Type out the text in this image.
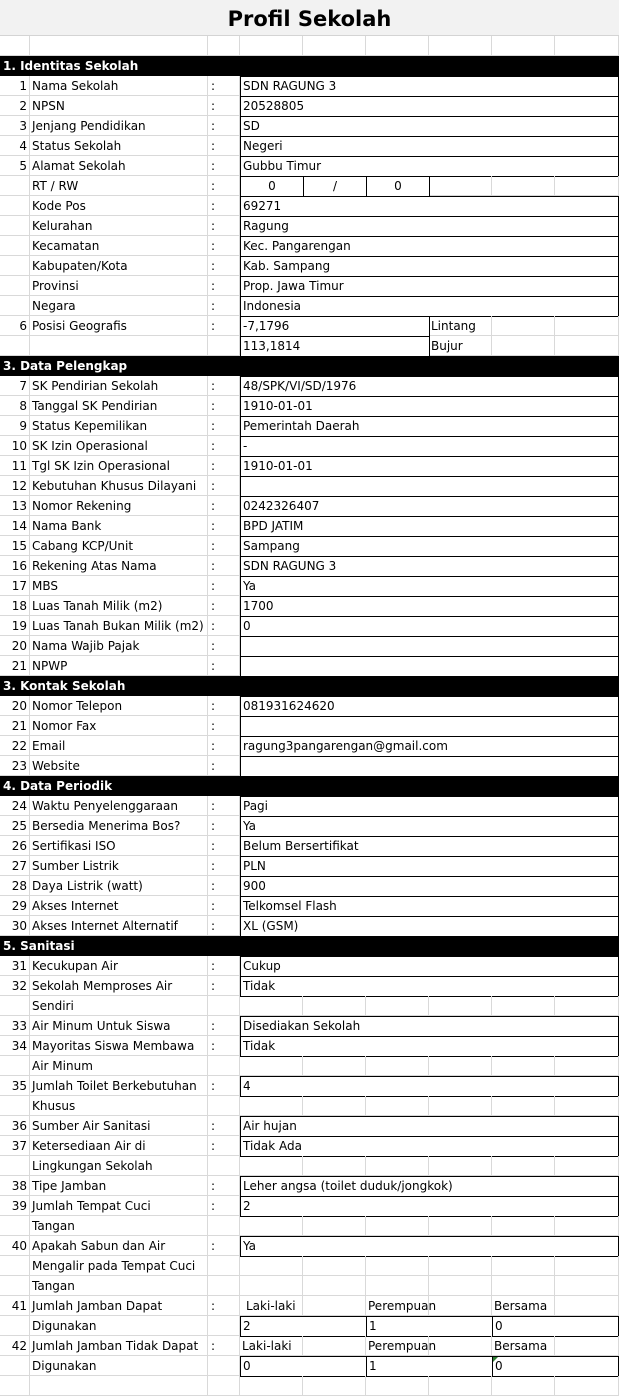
Profil Sekolah
1. Identitas Sekolah
1 Nama Sekolah	:	SDN RAGUNG 3
2 NPSN	:	20528805
3 Jenjang Pendidikan	:	SD
4 Status Sekolah	:	Negeri
5 Alamat Sekolah	:	Gubbu Timur
RT / RW	:	0	/	0
Kode Pos	:	69271
Kelurahan	:	Ragung
Kecamatan	:	Kec. Pangarengan
Kabupaten/Kota	:	Kab. Sampang
Provinsi	:	Prop. Jawa Timur
Negara	:	Indonesia
6 Posisi Geografis	:	-7,1796	Lintang
113,1814	Bujur
3. Data Pelengkap
7 SK Pendirian Sekolah	:	48/SPK/VI/SD/1976
8 Tanggal SK Pendirian	:	1910-01-01
9 Status Kepemilikan	:	Pemerintah Daerah
10 SK Izin Operasional	:	-
11 Tgl SK Izin Operasional	:	1910-01-01
12 Kebutuhan Khusus Dilayani	:
13 Nomor Rekening	:	0242326407
14 Nama Bank	:	BPD JATIM
15 Cabang KCP/Unit	:	Sampang
16 Rekening Atas Nama	:	SDN RAGUNG 3
17 MBS	:	Ya
18 Luas Tanah Milik (m2)	:	1700
19 Luas Tanah Bukan Milik (m2) :	0
20 Nama Wajib Pajak	:
21 NPWP	:
3. Kontak Sekolah
20 Nomor Telepon	:	081931624620
21 Nomor Fax	:
22 Email	:	ragung3pangarengan@gmail.com
23 Website	:
4. Data Periodik
24 Waktu Penyelenggaraan	:	Pagi
25 Bersedia Menerima Bos?	:	Ya
26 Sertifikasi ISO	:	Belum Bersertifikat
27 Sumber Listrik	:	PLN
28 Daya Listrik (watt)	:	900
29 Akses Internet	:	Telkomsel Flash
30 Akses Internet Alternatif	:	XL (GSM)
5. Sanitasi
31 Kecukupan Air	:	Cukup
32 Sekolah Memproses Air	:	Tidak
Sendiri
33 Air Minum Untuk Siswa	:	Disediakan Sekolah
34 Mayoritas Siswa Membawa	:	Tidak
Air Minum
35 Jumlah Toilet Berkebutuhan	:	4
Khusus
36 Sumber Air Sanitasi	:	Air hujan
37 Ketersediaan Air di	:	Tidak Ada
Lingkungan Sekolah
38 Tipe Jamban	:	Leher angsa (toilet duduk/jongkok)
39 Jumlah Tempat Cuci	:	2
Tangan
40 Apakah Sabun dan Air	:	Ya
Mengalir pada Tempat Cuci
Tangan
41 Jumlah Jamban Dapat	:	Laki-laki	Perempuan	Bersama
Digunakan	2	1	0
42 Jumlah Jamban Tidak Dapat	:	Laki-laki	Perempuan	Bersama
Digunakan	0	1	0
